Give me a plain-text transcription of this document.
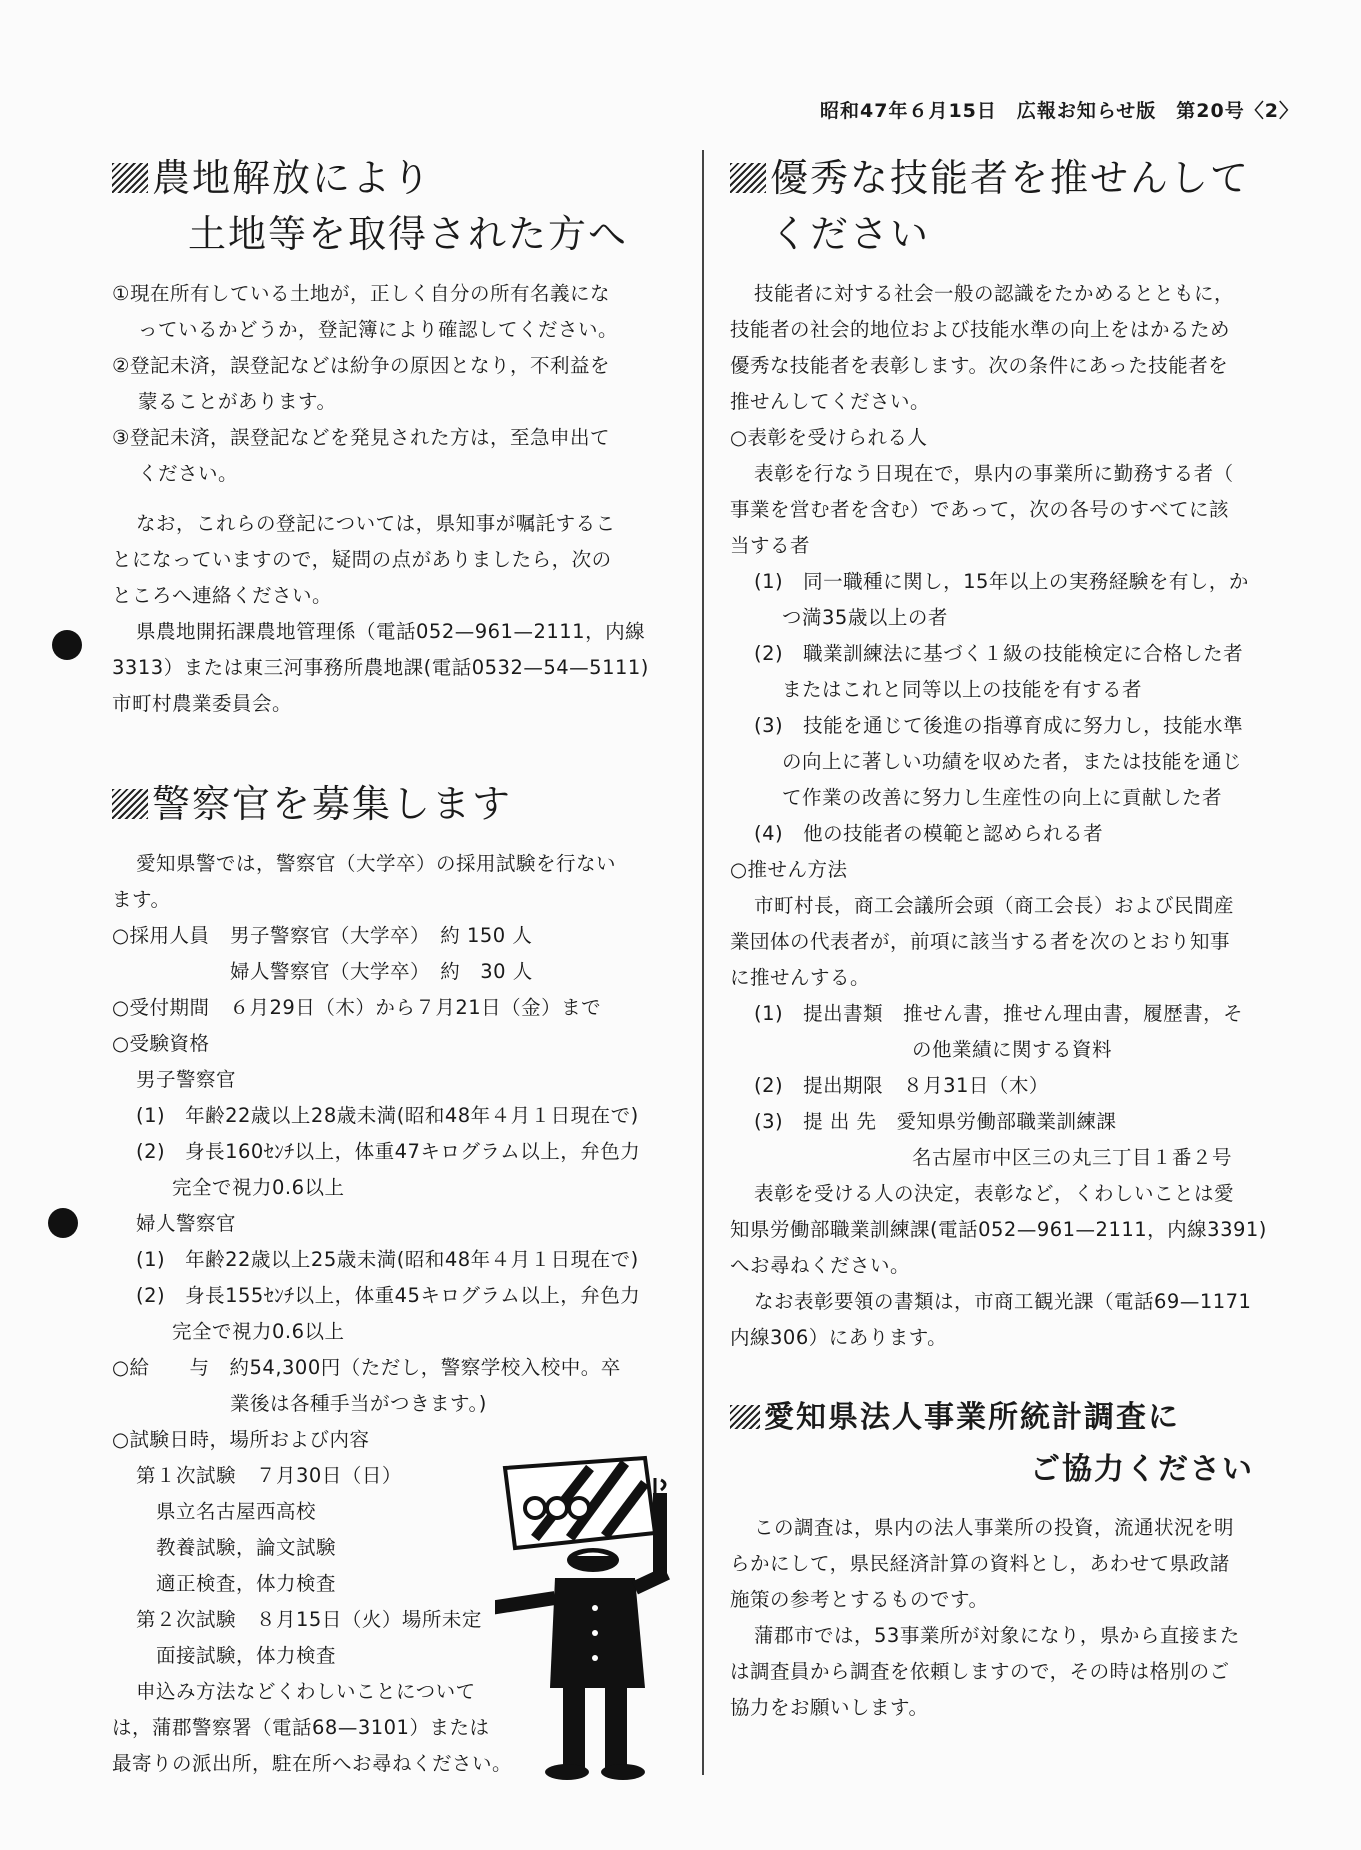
昭和47年６月15日　広報お知らせ版　第20号〈2〉
農地解放により
土地等を取得された方へ

①現在所有している土地が，正しく自分の所有名義にな

っているかどうか，登記簿により確認してください。

②登記未済，誤登記などは紛争の原因となり，不利益を

蒙ることがあります。

③登記未済，誤登記などを発見された方は，至急申出て

ください。

なお，これらの登記については，県知事が嘱託するこ

とになっていますので，疑問の点がありましたら，次の

ところへ連絡ください。

県農地開拓課農地管理係（電話052—961—2111，内線

3313）または東三河事務所農地課(電話0532—54—5111)

市町村農業委員会。

警察官を募集します

愛知県警では，警察官（大学卒）の採用試験を行ない

ます。

○採用人員	男子警察官（大学卒）　約 150 人

婦人警察官（大学卒）　約　30 人

○受付期間　６月29日（木）から７月21日（金）まで

○受験資格

男子警察官

(1)　年齢22歳以上28歳未満(昭和48年４月１日現在で)

(2)　身長160ｾﾝﾁ以上，体重47キログラム以上，弁色力

完全で視力0.6以上

婦人警察官

(1)　年齢22歳以上25歳未満(昭和48年４月１日現在で)

(2)　身長155ｾﾝﾁ以上，体重45キログラム以上，弁色力

完全で視力0.6以上

○給　　与　約54,300円（ただし，警察学校入校中。卒

業後は各種手当がつきます。)

○試験日時，場所および内容

第１次試験　７月30日（日）

県立名古屋西高校

教養試験，論文試験

適正検査，体力検査

第２次試験　８月15日（火）場所未定

面接試験，体力検査

申込み方法などくわしいことについて

は，蒲郡警察署（電話68—3101）または

最寄りの派出所，駐在所へお尋ねください。

優秀な技能者を推せんして
ください

技能者に対する社会一般の認識をたかめるとともに，

技能者の社会的地位および技能水準の向上をはかるため

優秀な技能者を表彰します。次の条件にあった技能者を

推せんしてください。

○表彰を受けられる人

表彰を行なう日現在で，県内の事業所に勤務する者（

事業を営む者を含む）であって，次の各号のすべてに該

当する者

(1)　同一職種に関し，15年以上の実務経験を有し，か

つ満35歳以上の者

(2)　職業訓練法に基づく１級の技能検定に合格した者

またはこれと同等以上の技能を有する者

(3)　技能を通じて後進の指導育成に努力し，技能水準

の向上に著しい功績を収めた者，または技能を通じ

て作業の改善に努力し生産性の向上に貢献した者

(4)　他の技能者の模範と認められる者

○推せん方法

市町村長，商工会議所会頭（商工会長）および民間産

業団体の代表者が，前項に該当する者を次のとおり知事

に推せんする。

(1)　提出書類　推せん書，推せん理由書，履歴書，そ

の他業績に関する資料

(2)　提出期限　８月31日（木）

(3)　提 出 先　愛知県労働部職業訓練課

名古屋市中区三の丸三丁目１番２号

表彰を受ける人の決定，表彰など，くわしいことは愛

知県労働部職業訓練課(電話052—961—2111，内線3391)

へお尋ねください。

なお表彰要領の書類は，市商工観光課（電話69—1171

内線306）にあります。

愛知県法人事業所統計調査に
ご協力ください

この調査は，県内の法人事業所の投資，流通状況を明

らかにして，県民経済計算の資料とし，あわせて県政諸

施策の参考とするものです。

蒲郡市では，53事業所が対象になり，県から直接また

は調査員から調査を依頼しますので，その時は格別のご

協力をお願いします。
